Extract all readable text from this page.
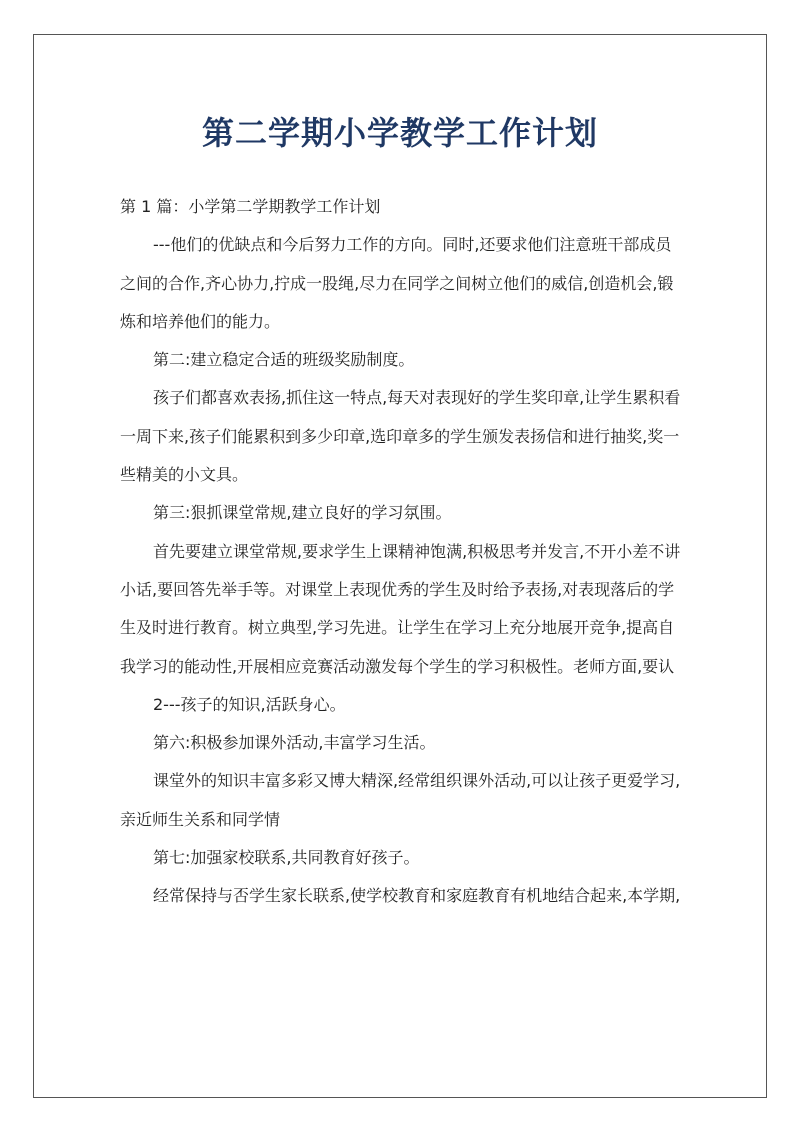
第二学期小学教学工作计划

第 1 篇：小学第二学期教学工作计划

---他们的优缺点和今后努力工作的方向。同时,还要求他们注意班干部成员之间的合作,齐心协力,拧成一股绳,尽力在同学之间树立他们的威信,创造机会,锻炼和培养他们的能力。

第二:建立稳定合适的班级奖励制度。

孩子们都喜欢表扬,抓住这一特点,每天对表现好的学生奖印章,让学生累积看一周下来,孩子们能累积到多少印章,选印章多的学生颁发表扬信和进行抽奖,奖一些精美的小文具。

第三:狠抓课堂常规,建立良好的学习氛围。

首先要建立课堂常规,要求学生上课精神饱满,积极思考并发言,不开小差不讲小话,要回答先举手等。对课堂上表现优秀的学生及时给予表扬,对表现落后的学生及时进行教育。树立典型,学习先进。让学生在学习上充分地展开竞争,提高自我学习的能动性,开展相应竞赛活动激发每个学生的学习积极性。老师方面,要认

2---孩子的知识,活跃身心。

第六:积极参加课外活动,丰富学习生活。

课堂外的知识丰富多彩又博大精深,经常组织课外活动,可以让孩子更爱学习,亲近师生关系和同学情

第七:加强家校联系,共同教育好孩子。

经常保持与否学生家长联系,使学校教育和家庭教育有机地结合起来,本学期,
